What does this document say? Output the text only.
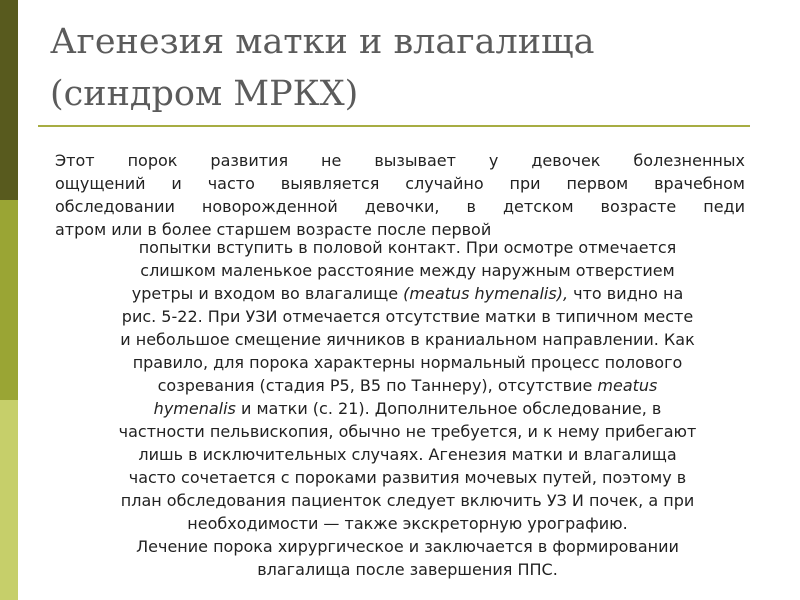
Агенезия матки и влагалища
(синдром МРКХ)
Этот порок развития не вызывает у девочек болезненных
ощущений и часто выявляется случайно при первом врачебном
обследовании новорожденной девочки, в детском возрасте педи
атром или в более старшем возрасте после первой
попытки вступить в половой контакт. При осмотре отмечается
слишком маленькое расстояние между наружным отверстием
уретры и входом во влагалище (meatus hymenalis), что видно на
рис. 5-22. При УЗИ отмечается отсутствие матки в типичном месте
и небольшое смещение яичников в краниальном направлении. Как
правило, для порока характерны нормальный процесс полового
созревания (стадия Р5, В5 по Таннеру), отсутствие meatus
hymenalis и матки (с. 21). Дополнительное обследование, в
частности пельвископия, обычно не требуется, и к нему прибегают
лишь в исключительных случаях. Агенезия матки и влагалища
часто сочетается с пороками развития мочевых путей, поэтому в
план обследования пациенток следует включить УЗ И почек, а при
необходимости — также экскреторную урографию.
Лечение порока хирургическое и заключается в формировании
влагалища после завершения ППС.
